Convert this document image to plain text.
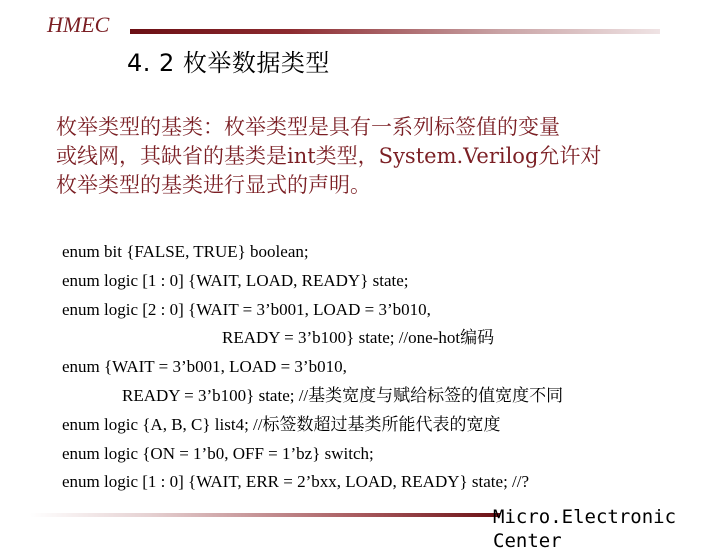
HMEC
4. 2 枚举数据类型
枚举类型的基类：枚举类型是具有一系列标签值的变量
或线网，其缺省的基类是int类型，System.Verilog允许对
枚举类型的基类进行显式的声明。
enum bit {FALSE, TRUE} boolean;
enum logic [1 : 0] {WAIT, LOAD, READY} state;
enum logic [2 : 0] {WAIT = 3’b001, LOAD = 3’b010,
READY = 3’b100} state; //one-hot编码
enum {WAIT = 3’b001, LOAD = 3’b010,
READY = 3’b100} state; //基类宽度与赋给标签的值宽度不同
enum logic {A, B, C} list4; //标签数超过基类所能代表的宽度
enum logic {ON = 1’b0, OFF = 1’bz} switch;
enum logic [1 : 0] {WAIT, ERR = 2’bxx, LOAD, READY} state; //?
Micro.Electronic
Center
